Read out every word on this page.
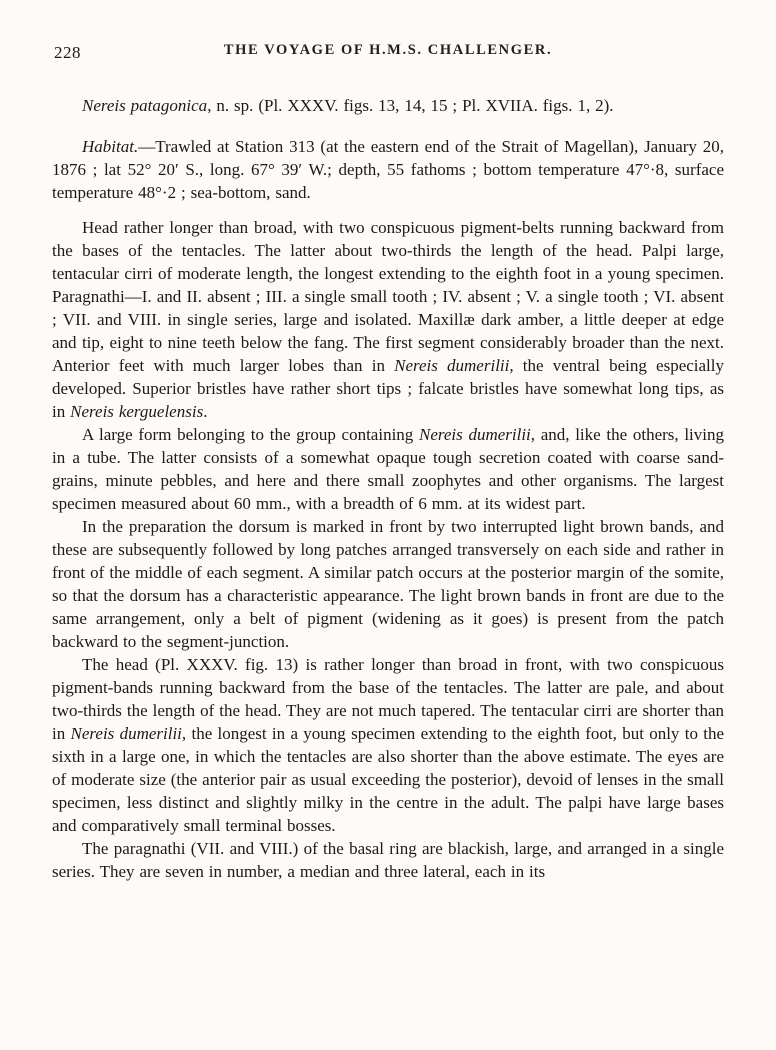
228	THE VOYAGE OF H.M.S. CHALLENGER.

Nereis patagonica, n. sp. (Pl. XXXV. figs. 13, 14, 15 ; Pl. XVIIA. figs. 1, 2).

Habitat.—Trawled at Station 313 (at the eastern end of the Strait of Magellan), January 20, 1876 ; lat 52° 20′ S., long. 67° 39′ W.; depth, 55 fathoms ; bottom temperature 47°·8, surface temperature 48°·2 ; sea-bottom, sand.

Head rather longer than broad, with two conspicuous pigment-belts running backward from the bases of the tentacles. The latter about two-thirds the length of the head. Palpi large, tentacular cirri of moderate length, the longest extending to the eighth foot in a young specimen. Paragnathi—I. and II. absent ; III. a single small tooth ; IV. absent ; V. a single tooth ; VI. absent ; VII. and VIII. in single series, large and isolated. Maxillæ dark amber, a little deeper at edge and tip, eight to nine teeth below the fang. The first segment considerably broader than the next. Anterior feet with much larger lobes than in Nereis dumerilii, the ventral being especially developed. Superior bristles have rather short tips ; falcate bristles have somewhat long tips, as in Nereis kerguelensis.

A large form belonging to the group containing Nereis dumerilii, and, like the others, living in a tube. The latter consists of a somewhat opaque tough secretion coated with coarse sand-grains, minute pebbles, and here and there small zoophytes and other organisms. The largest specimen measured about 60 mm., with a breadth of 6 mm. at its widest part.

In the preparation the dorsum is marked in front by two interrupted light brown bands, and these are subsequently followed by long patches arranged transversely on each side and rather in front of the middle of each segment. A similar patch occurs at the posterior margin of the somite, so that the dorsum has a characteristic appearance. The light brown bands in front are due to the same arrangement, only a belt of pigment (widening as it goes) is present from the patch backward to the segment-junction.

The head (Pl. XXXV. fig. 13) is rather longer than broad in front, with two conspicuous pigment-bands running backward from the base of the tentacles. The latter are pale, and about two-thirds the length of the head. They are not much tapered. The tentacular cirri are shorter than in Nereis dumerilii, the longest in a young specimen extending to the eighth foot, but only to the sixth in a large one, in which the tentacles are also shorter than the above estimate. The eyes are of moderate size (the anterior pair as usual exceeding the posterior), devoid of lenses in the small specimen, less distinct and slightly milky in the centre in the adult. The palpi have large bases and comparatively small terminal bosses.

The paragnathi (VII. and VIII.) of the basal ring are blackish, large, and arranged in a single series. They are seven in number, a median and three lateral, each in its
